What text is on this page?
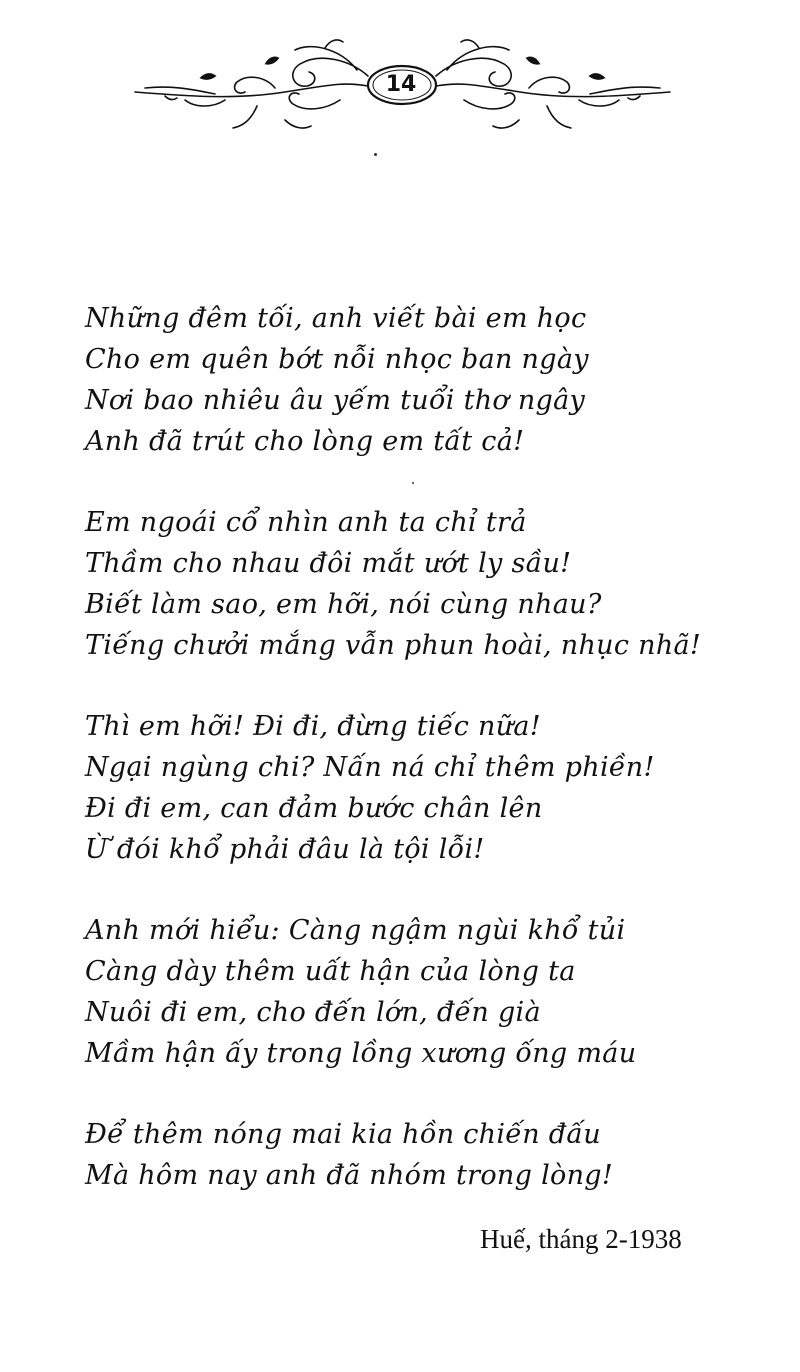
14
Những đêm tối, anh viết bài em học
Cho em quên bớt nỗi nhọc ban ngày
Nơi bao nhiêu âu yếm tuổi thơ ngây
Anh đã trút cho lòng em tất cả!
Em ngoái cổ nhìn anh ta chỉ trả
Thầm cho nhau đôi mắt ướt ly sầu!
Biết làm sao, em hỡi, nói cùng nhau?
Tiếng chưởi mắng vẫn phun hoài, nhục nhã!
Thì em hỡi! Đi đi, đừng tiếc nữa!
Ngại ngùng chi? Nấn ná chỉ thêm phiền!
Đi đi em, can đảm bước chân lên
Ừ đói khổ phải đâu là tội lỗi!
Anh mới hiểu: Càng ngậm ngùi khổ tủi
Càng dày thêm uất hận của lòng ta
Nuôi đi em, cho đến lớn, đến già
Mầm hận ấy trong lồng xương ống máu
Để thêm nóng mai kia hồn chiến đấu
Mà hôm nay anh đã nhóm trong lòng!
Huế, tháng 2-1938
